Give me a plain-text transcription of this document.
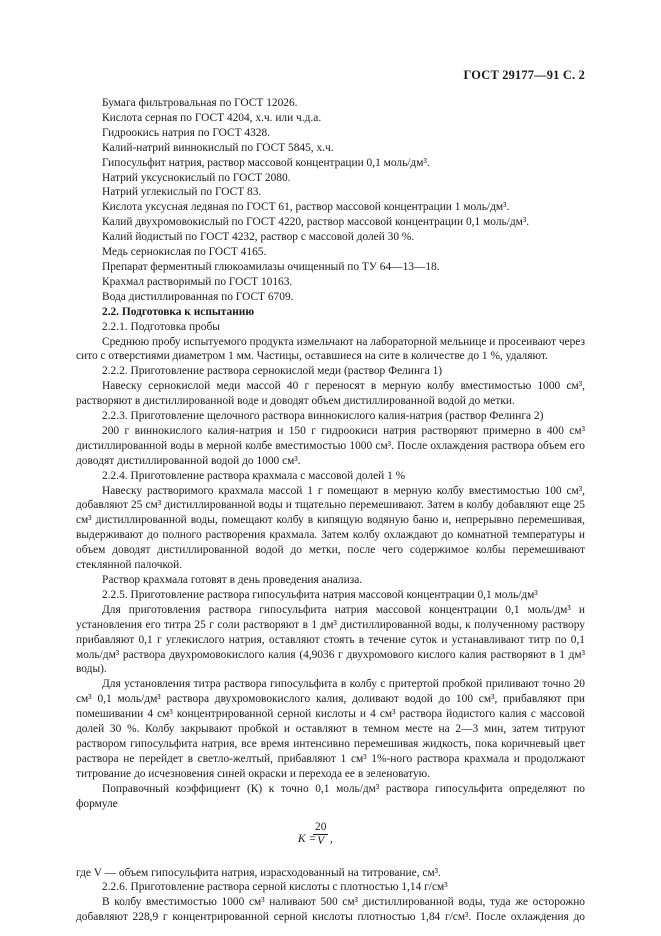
ГОСТ 29177—91 С. 2
Бумага фильтровальная по ГОСТ 12026.
Кислота серная по ГОСТ 4204, х.ч. или ч.д.а.
Гидроокись натрия по ГОСТ 4328.
Калий-натрий виннокислый по ГОСТ 5845, х.ч.
Гипосульфит натрия, раствор массовой концентрации 0,1 моль/дм³.
Натрий уксуснокислый по ГОСТ 2080.
Натрий углекислый по ГОСТ 83.
Кислота уксусная ледяная по ГОСТ 61, раствор массовой концентрации 1 моль/дм³.
Калий двухромовокислый по ГОСТ 4220, раствор массовой концентрации 0,1 моль/дм³.
Калий йодистый по ГОСТ 4232, раствор с массовой долей 30 %.
Медь сернокислая по ГОСТ 4165.
Препарат ферментный глюкоамилазы очищенный по ТУ 64—13—18.
Крахмал растворимый по ГОСТ 10163.
Вода дистиллированная по ГОСТ 6709.

2.2. Подготовка к испытанию

2.2.1. Подготовка пробы

Среднюю пробу испытуемого продукта измельчают на лабораторной мельнице и просеивают через сито с отверстиями диаметром 1 мм. Частицы, оставшиеся на сите в количестве до 1 %, удаляют.

2.2.2. Приготовление раствора сернокислой меди (раствор Фелинга 1)

Навеску сернокислой меди массой 40 г переносят в мерную колбу вместимостью 1000 см³, растворяют в дистиллированной воде и доводят объем дистиллированной водой до метки.

2.2.3. Приготовление щелочного раствора виннокислого калия-натрия (раствор Фелинга 2)

200 г виннокислого калия-натрия и 150 г гидроокиси натрия растворяют примерно в 400 см³ дистиллированной воды в мерной колбе вместимостью 1000 см³. После охлаждения раствора объем его доводят дистиллированной водой до 1000 см³.

2.2.4. Приготовление раствора крахмала с массовой долей 1 %

Навеску растворимого крахмала массой 1 г помещают в мерную колбу вместимостью 100 см³, добавляют 25 см³ дистиллированной воды и тщательно перемешивают. Затем в колбу добавляют еще 25 см³ дистиллированной воды, помещают колбу в кипящую водяную баню и, непрерывно перемешивая, выдерживают до полного растворения крахмала. Затем колбу охлаждают до комнатной температуры и объем доводят дистиллированной водой до метки, после чего содержимое колбы перемешивают стеклянной палочкой.

Раствор крахмала готовят в день проведения анализа.

2.2.5. Приготовление раствора гипосульфита натрия массовой концентрации 0,1 моль/дм³

Для приготовления раствора гипосульфита натрия массовой концентрации 0,1 моль/дм³ и установления его титра 25 г соли растворяют в 1 дм³ дистиллированной воды, к полученному раствору прибавляют 0,1 г углекислого натрия, оставляют стоять в течение суток и устанавливают титр по 0,1 моль/дм³ раствора двухромовокислого калия (4,9036 г двухромового кислого калия растворяют в 1 дм³ воды).

Для установления титра раствора гипосульфита в колбу с притертой пробкой приливают точно 20 см³ 0,1 моль/дм³ раствора двухромовокислого калия, доливают водой до 100 см³, прибавляют при помешивании 4 см³ концентрированной серной кислоты и 4 см³ раствора йодистого калия с массовой долей 30 %. Колбу закрывают пробкой и оставляют в темном месте на 2—3 мин, затем титруют раствором гипосульфита натрия, все время интенсивно перемешивая жидкость, пока коричневый цвет раствора не перейдет в светло-желтый, прибавляют 1 см³ 1%-ного раствора крахмала и продолжают титрование до исчезновения синей окраски и перехода ее в зеленоватую.

Поправочный коэффициент (К) к точно 0,1 моль/дм³ раствора гипосульфита определяют по формуле

K =
$\frac{20}{V}$ ,

где V — объем гипосульфита натрия, израсходованный на титрование, см³.

2.2.6. Приготовление раствора серной кислоты с плотностью 1,14 г/см³

В колбу вместимостью 1000 см³ наливают 500 см³ дистиллированной воды, туда же осторожно добавляют 228,9 г концентрированной серной кислоты плотностью 1,84 г/см³. После охлаждения до
